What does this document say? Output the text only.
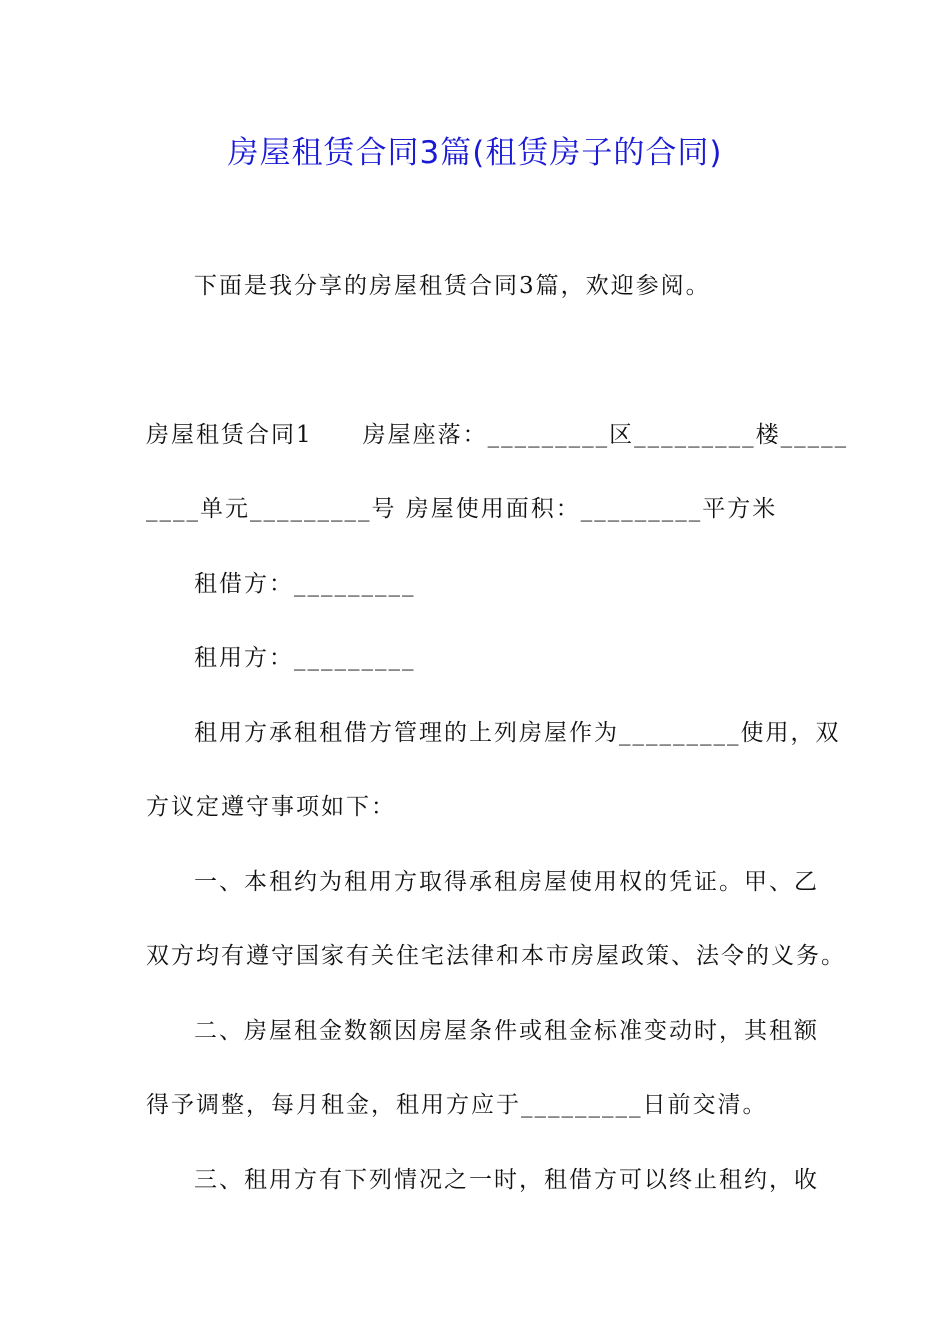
房屋租赁合同3篇(租赁房子的合同)
下面是我分享的房屋租赁合同3篇，欢迎参阅。
房屋租赁合同1　　房屋座落：_________区_________楼_____
____单元_________号 房屋使用面积：_________平方米
租借方：_________
租用方：_________
租用方承租租借方管理的上列房屋作为_________使用，双
方议定遵守事项如下：
一、本租约为租用方取得承租房屋使用权的凭证。甲、乙
双方均有遵守国家有关住宅法律和本市房屋政策、法令的义务。
二、房屋租金数额因房屋条件或租金标准变动时，其租额
得予调整，每月租金，租用方应于_________日前交清。
三、租用方有下列情况之一时，租借方可以终止租约，收
